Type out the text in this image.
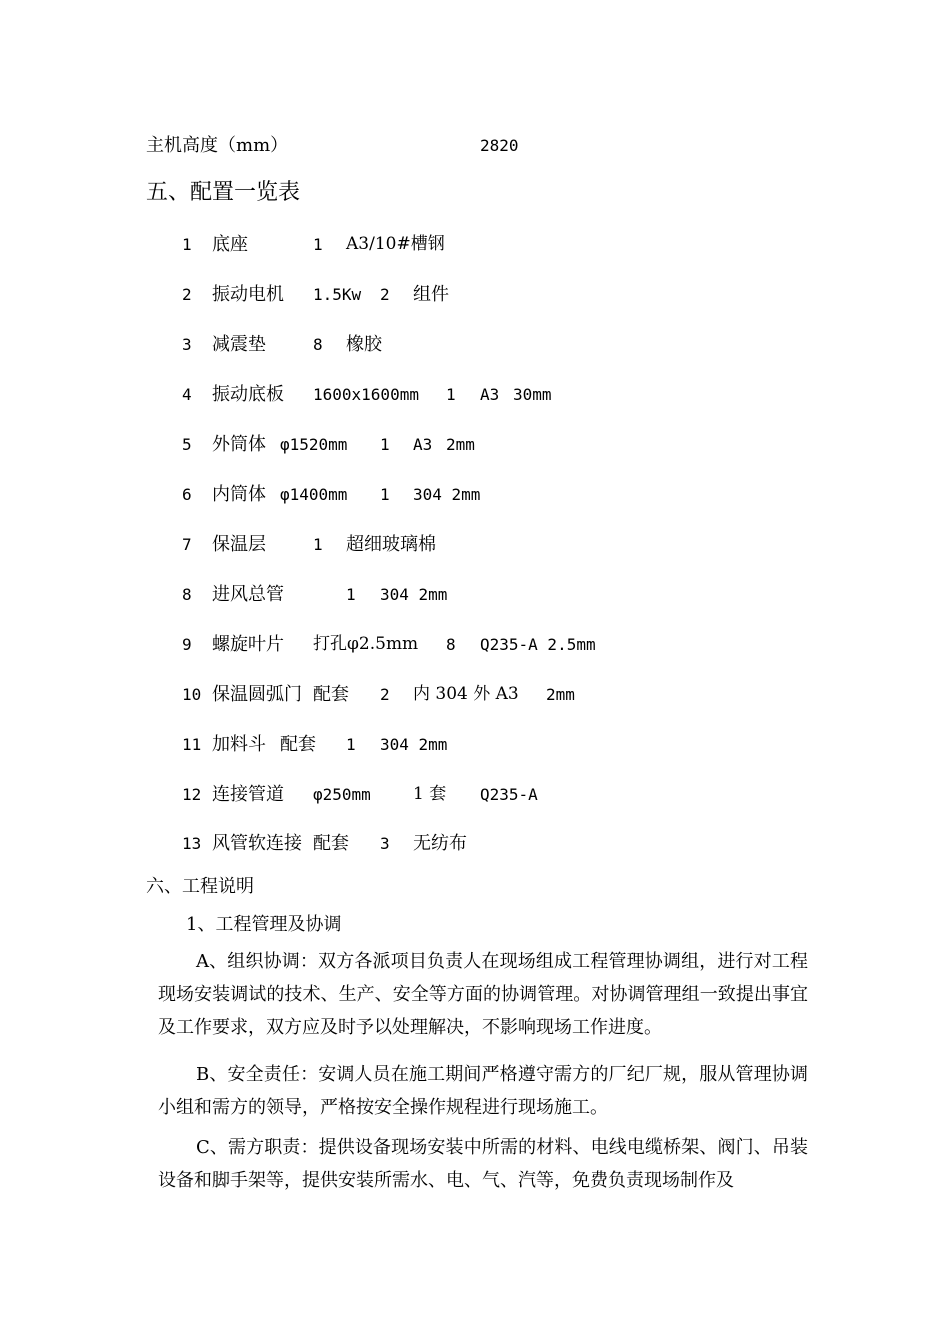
主机高度（mm）	2820
五、配置一览表
1 底座	1 A3/10#槽钢
2 振动电机 1.5Kw 2 组件
3 减震垫	8 橡胶
4 振动底板 1600x1600mm 1 A3 30mm
5 外筒体 φ1520mm 1 A3 2mm
6 内筒体 φ1400mm 1 304 2mm
7 保温层	1 超细玻璃棉
8 进风总管	1 304 2mm
9 螺旋叶片 打孔φ2.5mm 8 Q235-A 2.5mm
10 保温圆弧门 配套 2 内 304 外 A3 2mm
11 加料斗 配套 1 304 2mm
12 连接管道 φ250mm 1 套 Q235-A
13 风管软连接 配套 3 无纺布
六、工程说明
1、工程管理及协调

A、组织协调：双方各派项目负责人在现场组成工程管理协调组，进行对工程现场安装调试的技术、生产、安全等方面的协调管理。对协调管理组一致提出事宜及工作要求，双方应及时予以处理解决，不影响现场工作进度。

B、安全责任：安调人员在施工期间严格遵守需方的厂纪厂规，服从管理协调小组和需方的领导，严格按安全操作规程进行现场施工。

C、需方职责：提供设备现场安装中所需的材料、电线电缆桥架、阀门、吊装设备和脚手架等，提供安装所需水、电、气、汽等，免费负责现场制作及
